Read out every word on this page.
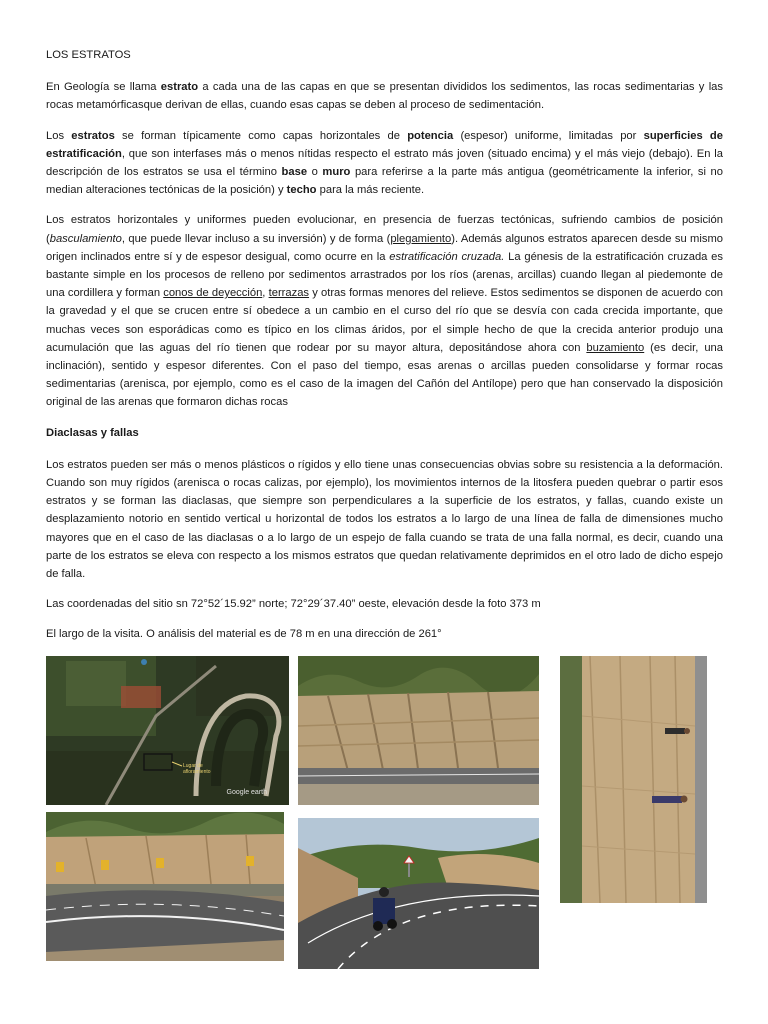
LOS ESTRATOS

En Geología se llama estrato a cada una de las capas en que se presentan divididos los sedimentos, las rocas sedimentarias y las rocas metamórficasque derivan de ellas, cuando esas capas se deben al proceso de sedimentación.

Los estratos se forman típicamente como capas horizontales de potencia (espesor) uniforme, limitadas por superficies de estratificación, que son interfases más o menos nítidas respecto el estrato más joven (situado encima) y el más viejo (debajo). En la descripción de los estratos se usa el término base o muro para referirse a la parte más antigua (geométricamente la inferior, si no median alteraciones tectónicas de la posición) y techo para la más reciente.

Los estratos horizontales y uniformes pueden evolucionar, en presencia de fuerzas tectónicas, sufriendo cambios de posición (basculamiento, que puede llevar incluso a su inversión) y de forma (plegamiento). Además algunos estratos aparecen desde su mismo origen inclinados entre sí y de espesor desigual, como ocurre en la estratificación cruzada. La génesis de la estratificación cruzada es bastante simple en los procesos de relleno por sedimentos arrastrados por los ríos (arenas, arcillas) cuando llegan al piedemonte de una cordillera y forman conos de deyección, terrazas y otras formas menores del relieve. Estos sedimentos se disponen de acuerdo con la gravedad y el que se crucen entre sí obedece a un cambio en el curso del río que se desvía con cada crecida importante, que muchas veces son esporádicas como es típico en los climas áridos, por el simple hecho de que la crecida anterior produjo una acumulación que las aguas del río tienen que rodear por su mayor altura, depositándose ahora con buzamiento (es decir, una inclinación), sentido y espesor diferentes. Con el paso del tiempo, esas arenas o arcillas pueden consolidarse y formar rocas sedimentarias (arenisca, por ejemplo, como es el caso de la imagen del Cañón del Antílope) pero que han conservado la disposición original de las arenas que formaron dichas rocas

Diaclasas y fallas

Los estratos pueden ser más o menos plásticos o rígidos y ello tiene unas consecuencias obvias sobre su resistencia a la deformación. Cuando son muy rígidos (arenisca o rocas calizas, por ejemplo), los movimientos internos de la litosfera pueden quebrar o partir esos estratos y se forman las diaclasas, que siempre son perpendiculares a la superficie de los estratos, y fallas, cuando existe un desplazamiento notorio en sentido vertical u horizontal de todos los estratos a lo largo de una línea de falla de dimensiones mucho mayores que en el caso de las diaclasas o a lo largo de un espejo de falla cuando se trata de una falla normal, es decir, cuando una parte de los estratos se eleva con respecto a los mismos estratos que quedan relativamente deprimidos en el otro lado de dicho espejo de falla.

Las coordenadas del sitio sn 72°52´15.92” norte; 72°29´37.40” oeste, elevación desde la foto 373 m

El largo de la visita. O análisis del material es de 78 m en una dirección de 261°

Lugar de
afloramiento
Google earth
